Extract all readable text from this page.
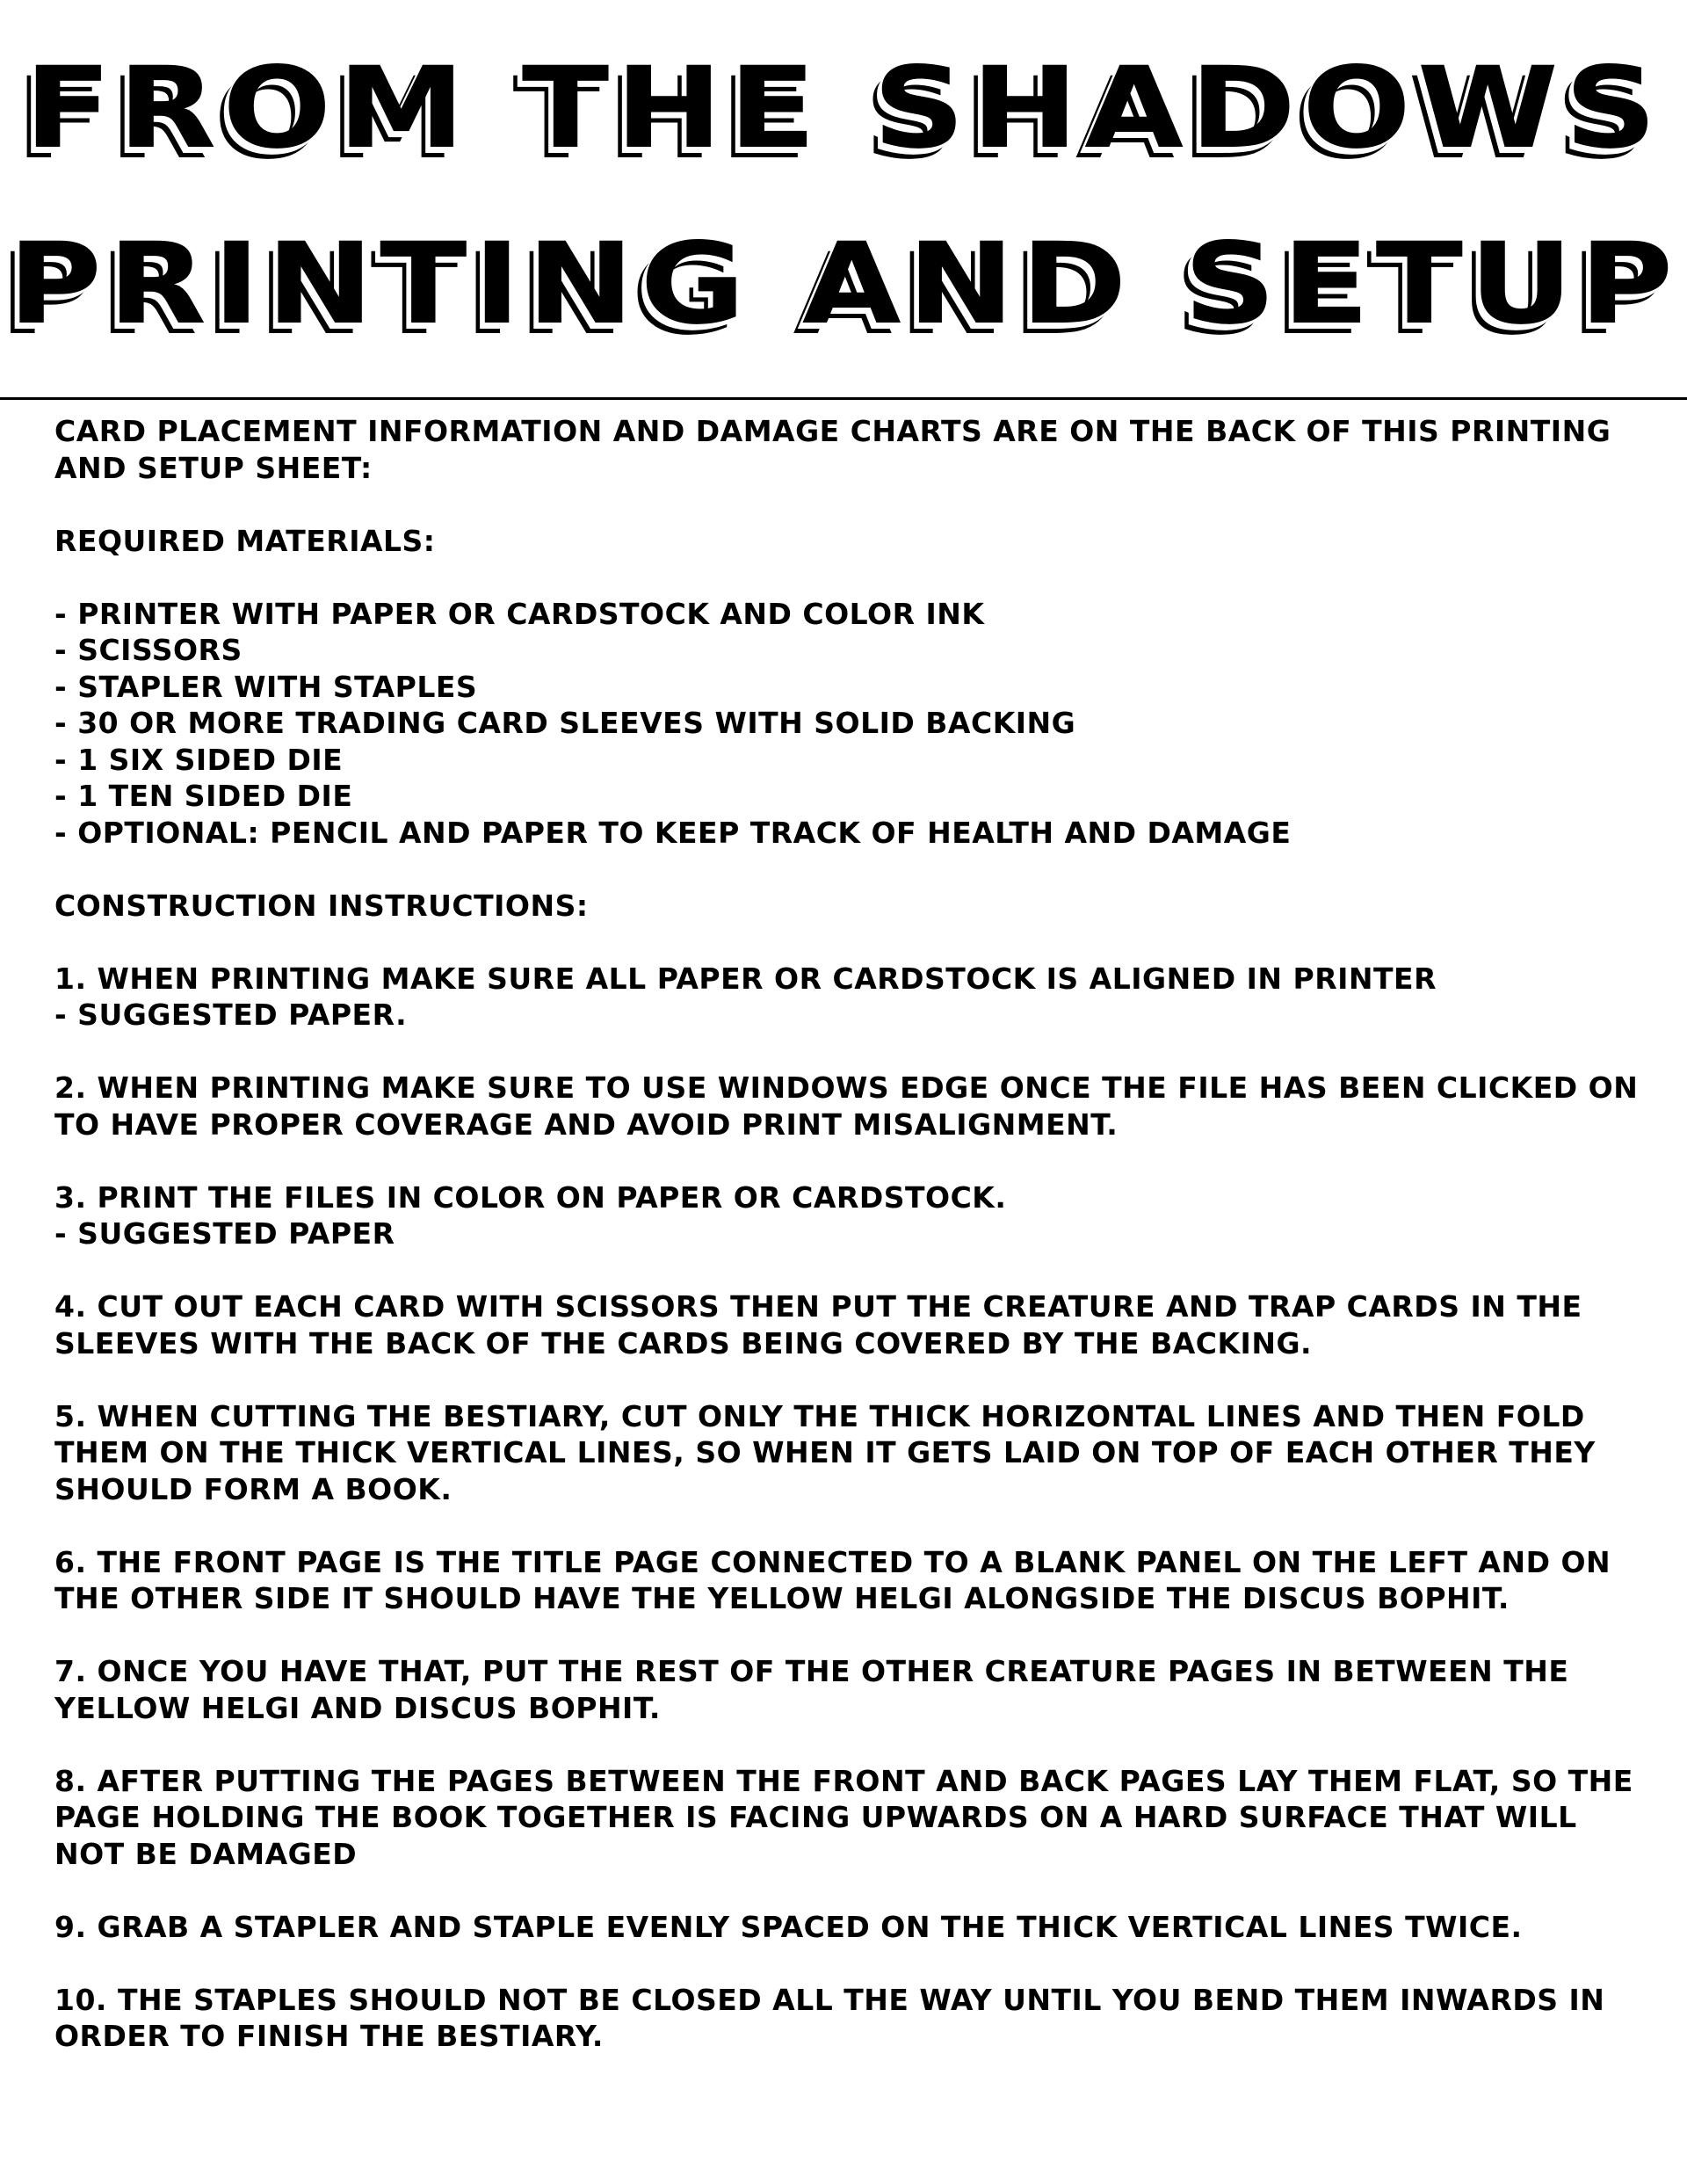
FROM THE SHADOWS
PRINTING AND SETUP

CARD PLACEMENT INFORMATION AND DAMAGE CHARTS ARE ON THE BACK OF THIS PRINTING AND SETUP SHEET:

REQUIRED MATERIALS:

- PRINTER WITH PAPER OR CARDSTOCK AND COLOR INK
- SCISSORS
- STAPLER WITH STAPLES
- 30 OR MORE TRADING CARD SLEEVES WITH SOLID BACKING
- 1 SIX SIDED DIE
- 1 TEN SIDED DIE
- OPTIONAL: PENCIL AND PAPER TO KEEP TRACK OF HEALTH AND DAMAGE

CONSTRUCTION INSTRUCTIONS:

1. WHEN PRINTING MAKE SURE ALL PAPER OR CARDSTOCK IS ALIGNED IN PRINTER
- SUGGESTED PAPER.

2. WHEN PRINTING MAKE SURE TO USE WINDOWS EDGE ONCE THE FILE HAS BEEN CLICKED ON TO HAVE PROPER COVERAGE AND AVOID PRINT MISALIGNMENT.

3. PRINT THE FILES IN COLOR ON PAPER OR CARDSTOCK.
- SUGGESTED PAPER

4. CUT OUT EACH CARD WITH SCISSORS THEN PUT THE CREATURE AND TRAP CARDS IN THE SLEEVES WITH THE BACK OF THE CARDS BEING COVERED BY THE BACKING.

5. WHEN CUTTING THE BESTIARY, CUT ONLY THE THICK HORIZONTAL LINES AND THEN FOLD THEM ON THE THICK VERTICAL LINES, SO WHEN IT GETS LAID ON TOP OF EACH OTHER THEY SHOULD FORM A BOOK.

6. THE FRONT PAGE IS THE TITLE PAGE CONNECTED TO A BLANK PANEL ON THE LEFT AND ON THE OTHER SIDE IT SHOULD HAVE THE YELLOW HELGI ALONGSIDE THE DISCUS BOPHIT.

7. ONCE YOU HAVE THAT, PUT THE REST OF THE OTHER CREATURE PAGES IN BETWEEN THE YELLOW HELGI AND DISCUS BOPHIT.

8. AFTER PUTTING THE PAGES BETWEEN THE FRONT AND BACK PAGES LAY THEM FLAT, SO THE PAGE HOLDING THE BOOK TOGETHER IS FACING UPWARDS ON A HARD SURFACE THAT WILL NOT BE DAMAGED

9. GRAB A STAPLER AND STAPLE EVENLY SPACED ON THE THICK VERTICAL LINES TWICE.

10. THE STAPLES SHOULD NOT BE CLOSED ALL THE WAY UNTIL YOU BEND THEM INWARDS IN ORDER TO FINISH THE BESTIARY.
